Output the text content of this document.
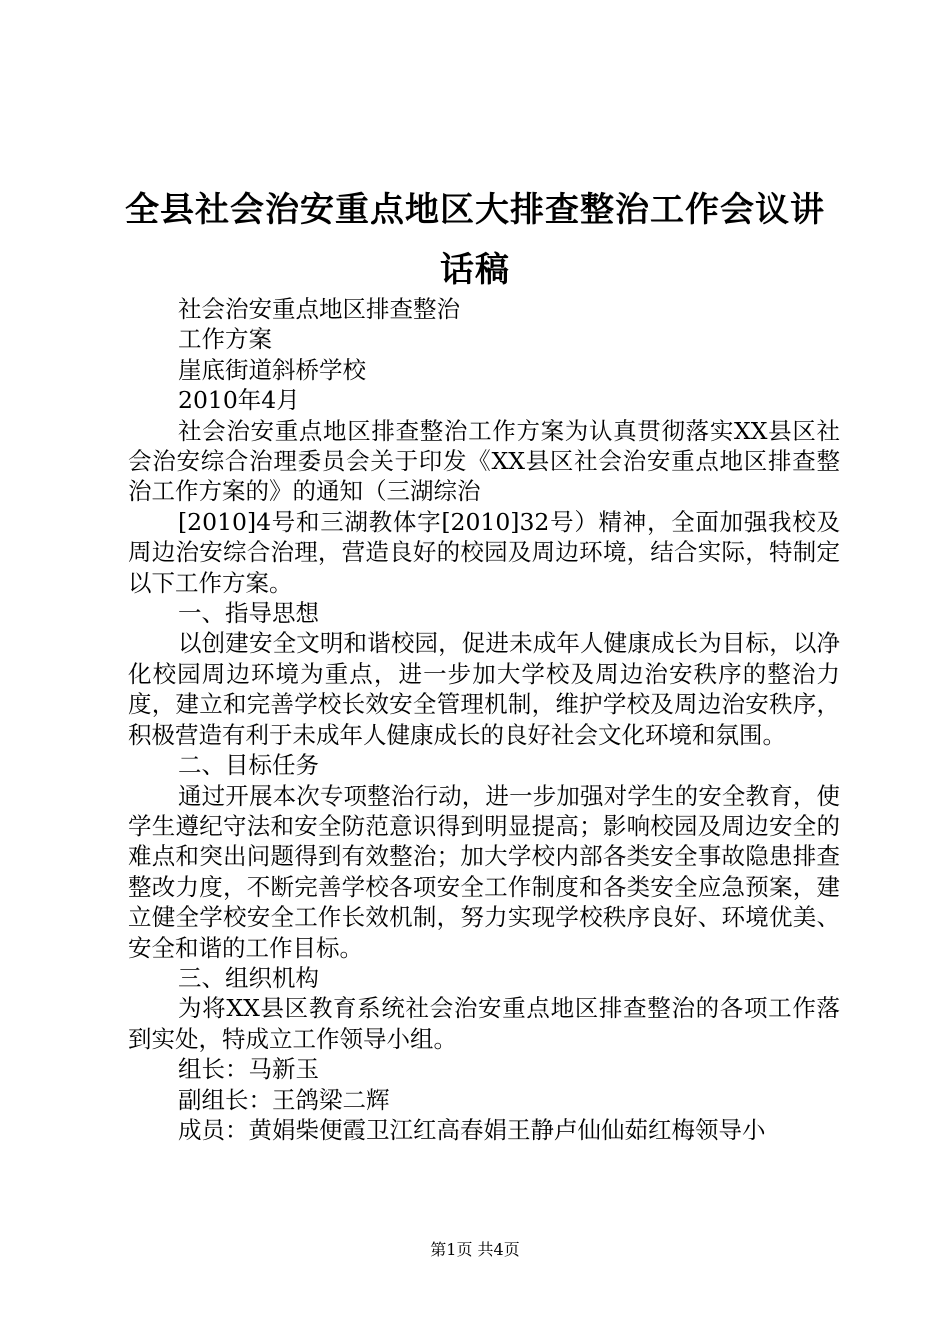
全县社会治安重点地区大排查整治工作会议讲话稿

社会治安重点地区排查整治

工作方案

崖底街道斜桥学校

2010年4月

社会治安重点地区排查整治工作方案为认真贯彻落实XX县区社会治安综合治理委员会关于印发《XX县区社会治安重点地区排查整治工作方案的》的通知（三湖综治

[2010]4号和三湖教体字[2010]32号）精神，全面加强我校及周边治安综合治理，营造良好的校园及周边环境，结合实际，特制定以下工作方案。

一、指导思想

以创建安全文明和谐校园，促进未成年人健康成长为目标，以净化校园周边环境为重点，进一步加大学校及周边治安秩序的整治力度，建立和完善学校长效安全管理机制，维护学校及周边治安秩序，积极营造有利于未成年人健康成长的良好社会文化环境和氛围。

二、目标任务

通过开展本次专项整治行动，进一步加强对学生的安全教育，使学生遵纪守法和安全防范意识得到明显提高；影响校园及周边安全的难点和突出问题得到有效整治；加大学校内部各类安全事故隐患排查整改力度，不断完善学校各项安全工作制度和各类安全应急预案，建立健全学校安全工作长效机制，努力实现学校秩序良好、环境优美、安全和谐的工作目标。

三、组织机构

为将XX县区教育系统社会治安重点地区排查整治的各项工作落到实处，特成立工作领导小组。

组长：马新玉

副组长：王鸽梁二辉

成员：黄娟柴便霞卫江红高春娟王静卢仙仙茹红梅领导小

第1页 共4页
